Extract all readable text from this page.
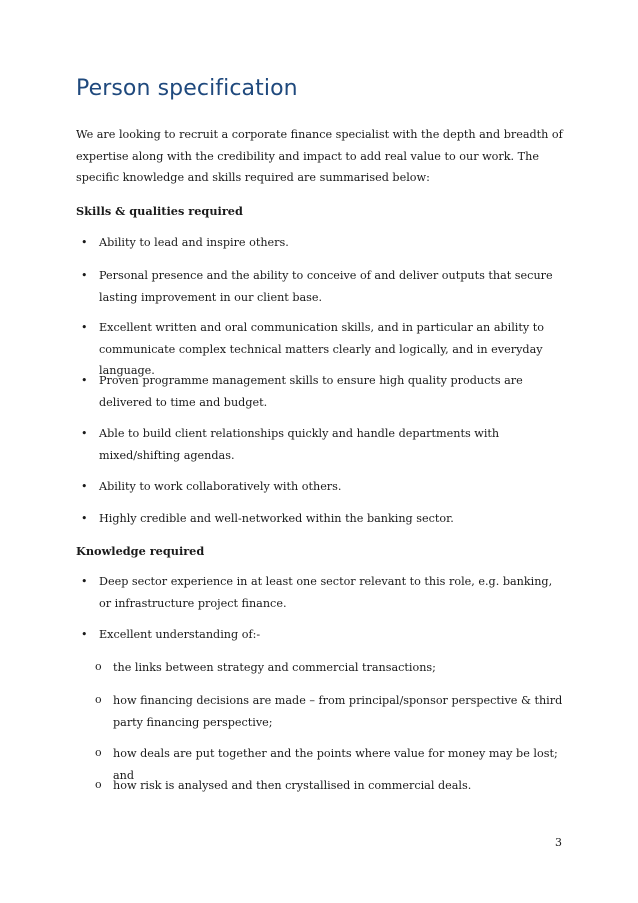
Person specification

We are looking to recruit a corporate finance specialist with the depth and breadth of expertise along with the credibility and impact to add real value to our work. The specific knowledge and skills required are summarised below:

Skills & qualities required

• Ability to lead and inspire others.
• Personal presence and the ability to conceive of and deliver outputs that secure lasting improvement in our client base.
• Excellent written and oral communication skills, and in particular an ability to communicate complex technical matters clearly and logically, and in everyday language.
• Proven programme management skills to ensure high quality products are delivered to time and budget.
• Able to build client relationships quickly and handle departments with mixed/shifting agendas.
• Ability to work collaboratively with others.
• Highly credible and well-networked within the banking sector.

Knowledge required

• Deep sector experience in at least one sector relevant to this role, e.g. banking, or infrastructure project finance.
• Excellent understanding of:-
o the links between strategy and commercial transactions;
o how financing decisions are made – from principal/sponsor perspective & third party financing perspective;
o how deals are put together and the points where value for money may be lost; and
o how risk is analysed and then crystallised in commercial deals.
3
